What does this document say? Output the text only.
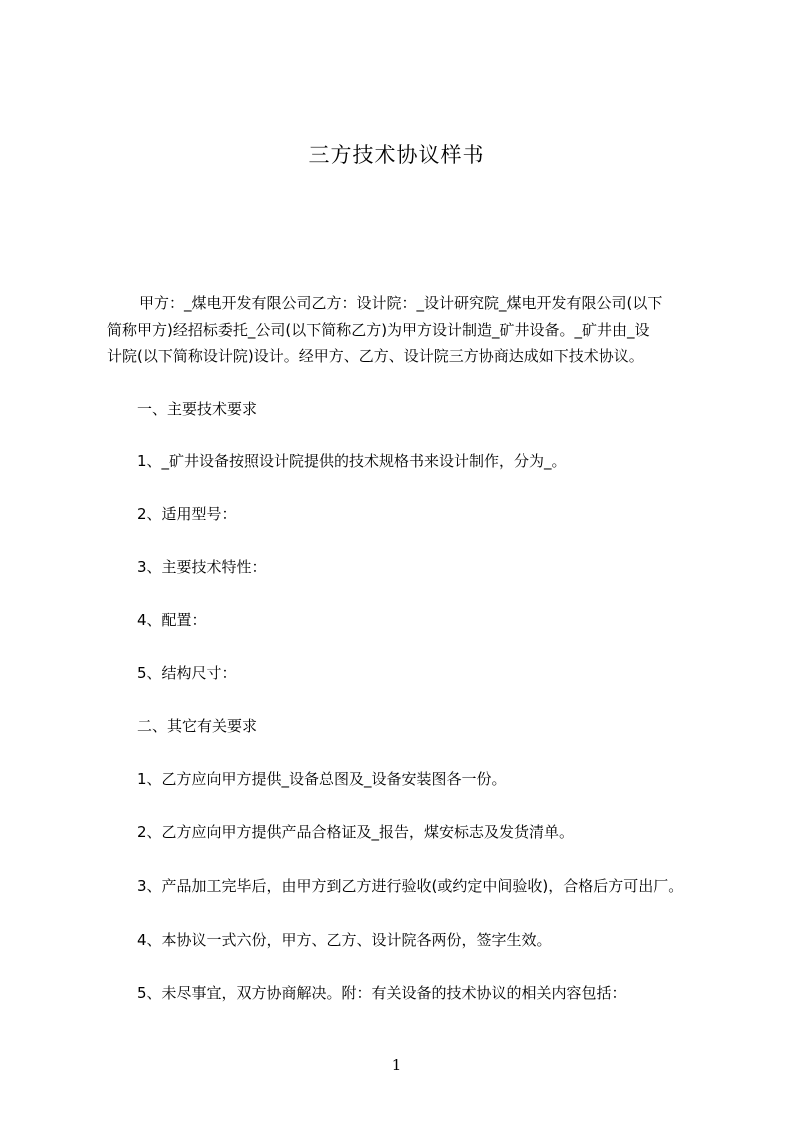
三方技术协议样书
甲方：_煤电开发有限公司乙方：设计院：_设计研究院_煤电开发有限公司(以下
简称甲方)经招标委托_公司(以下简称乙方)为甲方设计制造_矿井设备。_矿井由_设
计院(以下简称设计院)设计。经甲方、乙方、设计院三方协商达成如下技术协议。
一、主要技术要求
1、_矿井设备按照设计院提供的技术规格书来设计制作，分为_。
2、适用型号：
3、主要技术特性：
4、配置：
5、结构尺寸：
二、其它有关要求
1、乙方应向甲方提供_设备总图及_设备安装图各一份。
2、乙方应向甲方提供产品合格证及_报告，煤安标志及发货清单。
3、产品加工完毕后，由甲方到乙方进行验收(或约定中间验收)，合格后方可出厂。
4、本协议一式六份，甲方、乙方、设计院各两份，签字生效。
5、未尽事宜，双方协商解决。附：有关设备的技术协议的相关内容包括：
1
